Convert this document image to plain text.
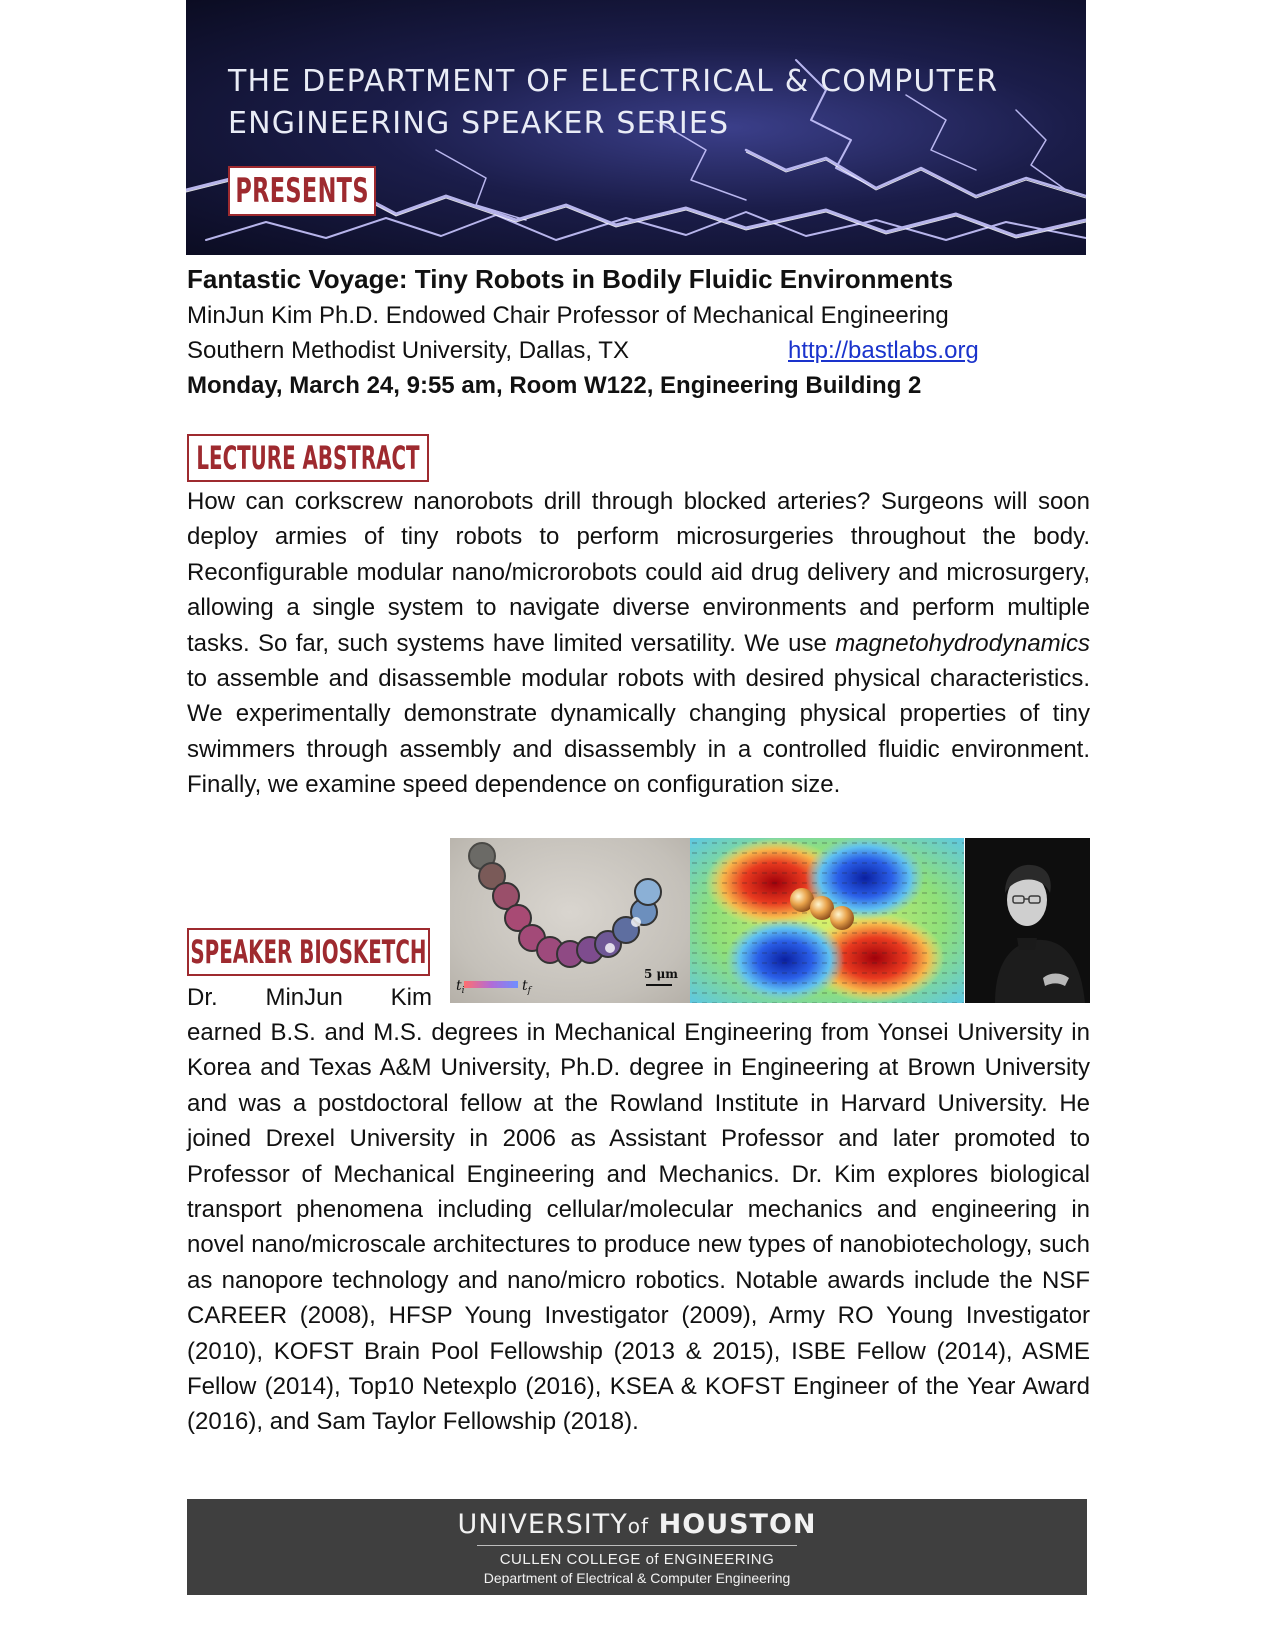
THE DEPARTMENT OF ELECTRICAL & COMPUTER
ENGINEERING SPEAKER SERIES
PRESENTS
Fantastic Voyage: Tiny Robots in Bodily Fluidic Environments
MinJun Kim Ph.D. Endowed Chair Professor of Mechanical Engineering
Southern Methodist University, Dallas, TX	http://bastlabs.org
Monday, March 24, 9:55 am, Room W122, Engineering Building 2
LECTURE ABSTRACT
How can corkscrew nanorobots drill through blocked arteries? Surgeons will soon deploy armies of tiny robots to perform microsurgeries throughout the body. Reconfigurable modular nano/microrobots could aid drug delivery and microsurgery, allowing a single system to navigate diverse environments and perform multiple tasks. So far, such systems have limited versatility. We use magnetohydrodynamics to assemble and disassemble modular robots with desired physical characteristics. We experimentally demonstrate dynamically changing physical properties of tiny swimmers through assembly and disassembly in a controlled fluidic environment. Finally, we examine speed dependence on configuration size.
$t_i$	$t_f$
5 μm
SPEAKER BIOSKETCH
Dr. MinJun Kim
earned B.S. and M.S. degrees in Mechanical Engineering from Yonsei University in Korea and Texas A&M University, Ph.D. degree in Engineering at Brown University and was a postdoctoral fellow at the Rowland Institute in Harvard University. He joined Drexel University in 2006 as Assistant Professor and later promoted to Professor of Mechanical Engineering and Mechanics. Dr. Kim explores biological transport phenomena including cellular/molecular mechanics and engineering in novel nano/microscale architectures to produce new types of nanobiotechology, such as nanopore technology and nano/micro robotics. Notable awards include the NSF CAREER (2008), HFSP Young Investigator (2009), Army RO Young Investigator (2010), KOFST Brain Pool Fellowship (2013 & 2015), ISBE Fellow (2014), ASME Fellow (2014), Top10 Netexplo (2016), KSEA & KOFST Engineer of the Year Award (2016), and Sam Taylor Fellowship (2018).
UNIVERSITYof HOUSTON
CULLEN COLLEGE of ENGINEERING
Department of Electrical & Computer Engineering
